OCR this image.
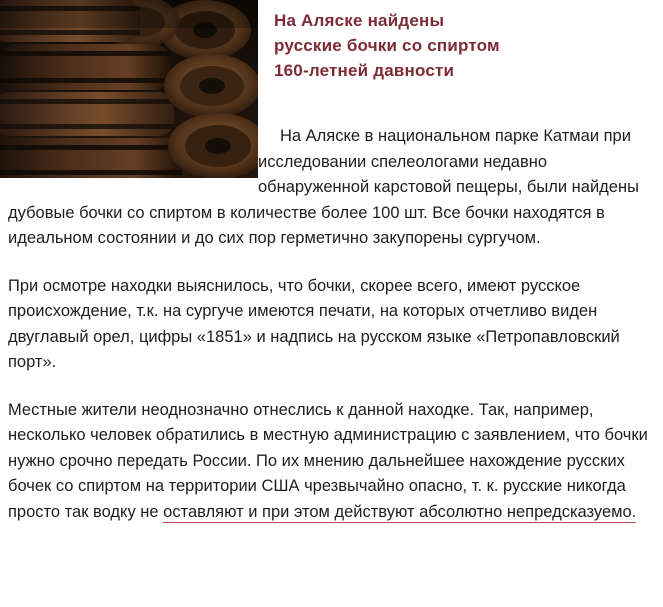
На Аляске найдены
русские бочки со спиртом
160-летней давности

На Аляске в национальном парке Катмаи при исследовании спелеологами недавно обнаруженной карстовой пещеры, были найдены дубовые бочки со спиртом в количестве более 100 шт. Все бочки находятся в идеальном состоянии и до сих пор герметично закупорены сургучом.

При осмотре находки выяснилось, что бочки, скорее всего, имеют русское происхождение, т.к. на сургуче имеются печати, на которых отчетливо виден двуглавый орел, цифры «1851» и надпись на русском языке «Петропавловский порт».

Местные жители неоднозначно отнеслись к данной находке. Так, например, несколько человек обратились в местную администрацию с заявлением, что бочки нужно срочно передать России. По их мнению дальнейшее нахождение русских бочек со спиртом на территории США чрезвычайно опасно, т. к. русские никогда просто так водку не оставляют и при этом действуют абсолютно непредсказуемо.
